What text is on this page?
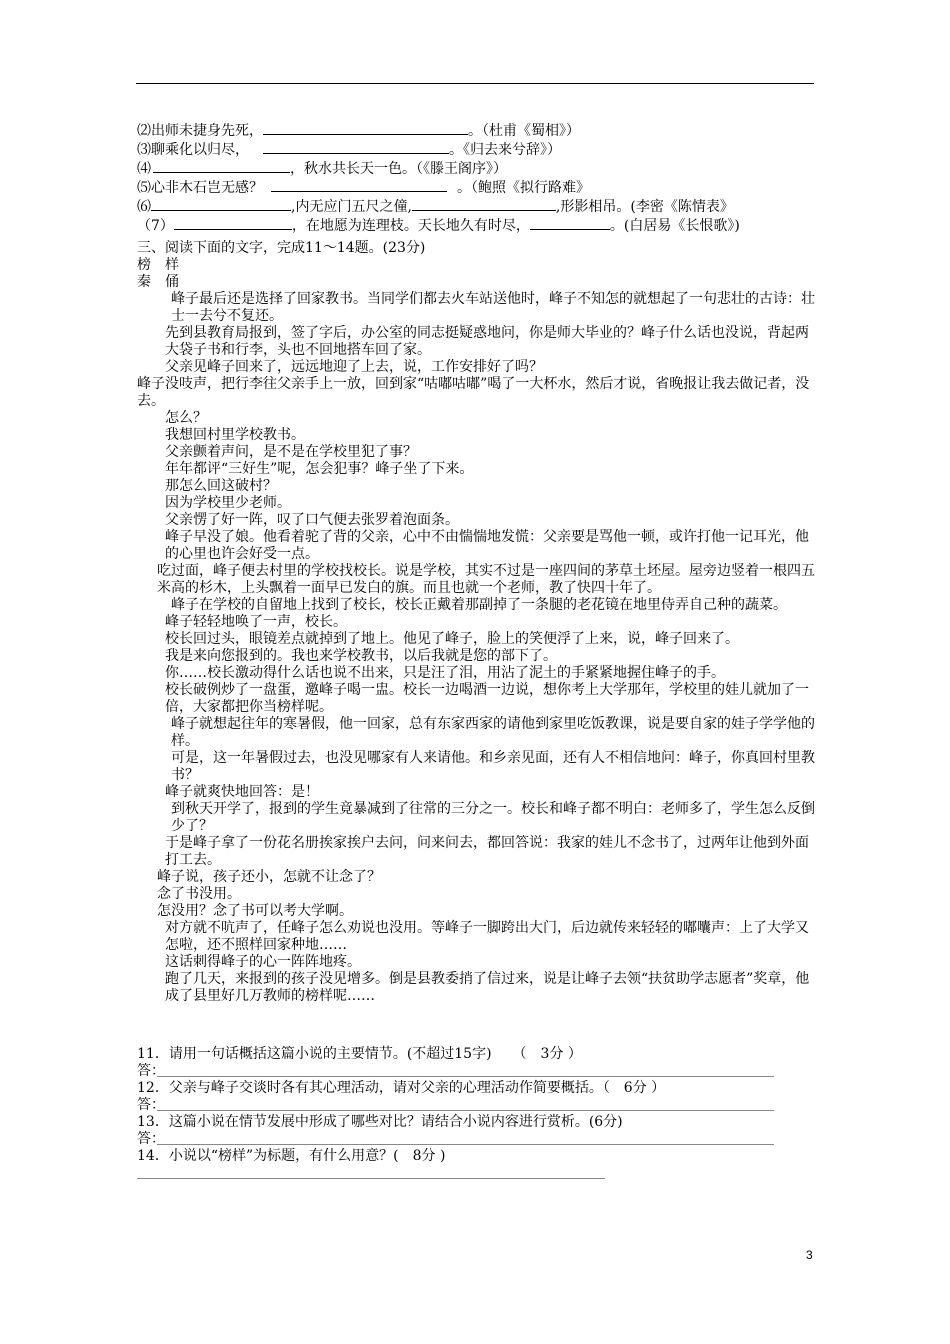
⑵出师未捷身先死，	。（杜甫《蜀相》）
⑶聊乘化以归尽，	。《归去来兮辞》）
⑷	，秋水共长天一色。（《滕王阁序》）
⑸心非木石岂无感？	。（鲍照《拟行路难》
⑹	,内无应门五尺之僮,	,形影相吊。(李密《陈情表》
（7）	，在地愿为连理枝。天长地久有时尽，	。(白居易《长恨歌》)

三、阅读下面的文字，完成11～14题。(23分)

榜　样

秦　俑

峰子最后还是选择了回家教书。当同学们都去火车站送他时，峰子不知怎的就想起了一句悲壮的古诗：壮士一去兮不复还。

先到县教育局报到，签了字后，办公室的同志挺疑惑地问，你是师大毕业的？峰子什么话也没说，背起两大袋子书和行李，头也不回地搭车回了家。

父亲见峰子回来了，远远地迎了上去，说，工作安排好了吗？

峰子没吱声，把行李往父亲手上一放，回到家“咕嘟咕嘟”喝了一大杯水，然后才说，省晚报让我去做记者，没去。

怎么？

我想回村里学校教书。

父亲颤着声问，是不是在学校里犯了事？

年年都评“三好生”呢，怎会犯事？峰子坐了下来。

那怎么回这破村？

因为学校里少老师。

父亲愣了好一阵，叹了口气便去张罗着泡面条。

峰子早没了娘。他看着驼了背的父亲，心中不由惴惴地发慌：父亲要是骂他一顿，或许打他一记耳光，他的心里也许会好受一点。

吃过面，峰子便去村里的学校找校长。说是学校，其实不过是一座四间的茅草土坯屋。屋旁边竖着一根四五米高的杉木，上头飘着一面早已发白的旗。而且也就一个老师，教了快四十年了。

峰子在学校的自留地上找到了校长，校长正戴着那副掉了一条腿的老花镜在地里侍弄自己种的蔬菜。

峰子轻轻地唤了一声，校长。

校长回过头，眼镜差点就掉到了地上。他见了峰子，脸上的笑便浮了上来，说，峰子回来了。

我是来向您报到的。我也来学校教书，以后我就是您的部下了。

你……校长激动得什么话也说不出来，只是汪了泪，用沾了泥土的手紧紧地握住峰子的手。

校长破例炒了一盘蛋，邀峰子喝一盅。校长一边喝酒一边说，想你考上大学那年，学校里的娃儿就加了一倍，大家都把你当榜样呢。

峰子就想起往年的寒暑假，他一回家，总有东家西家的请他到家里吃饭教课，说是要自家的娃子学学他的样。

可是，这一年暑假过去，也没见哪家有人来请他。和乡亲见面，还有人不相信地问：峰子，你真回村里教书？

峰子就爽快地回答：是！

到秋天开学了，报到的学生竟暴减到了往常的三分之一。校长和峰子都不明白：老师多了，学生怎么反倒少了？

于是峰子拿了一份花名册挨家挨户去问，问来问去，都回答说：我家的娃儿不念书了，过两年让他到外面打工去。

峰子说，孩子还小，怎就不让念了？

念了书没用。

怎没用？念了书可以考大学啊。

对方就不吭声了，任峰子怎么劝说也没用。等峰子一脚跨出大门，后边就传来轻轻的嘟囔声：上了大学又怎啦，还不照样回家种地……

这话刺得峰子的心一阵阵地疼。

跑了几天，来报到的孩子没见增多。倒是县教委捎了信过来，说是让峰子去领“扶贫助学志愿者”奖章，他成了县里好几万教师的榜样呢……

11．请用一句话概括这篇小说的主要情节。(不超过15字)　　（　3分 ）

答：

12．父亲与峰子交谈时各有其心理活动，请对父亲的心理活动作简要概括。（　6分 ）

答：

13．这篇小说在情节发展中形成了哪些对比？请结合小说内容进行赏析。(6分)

答：

14．小说以“榜样”为标题，有什么用意？(　8分 )

3
